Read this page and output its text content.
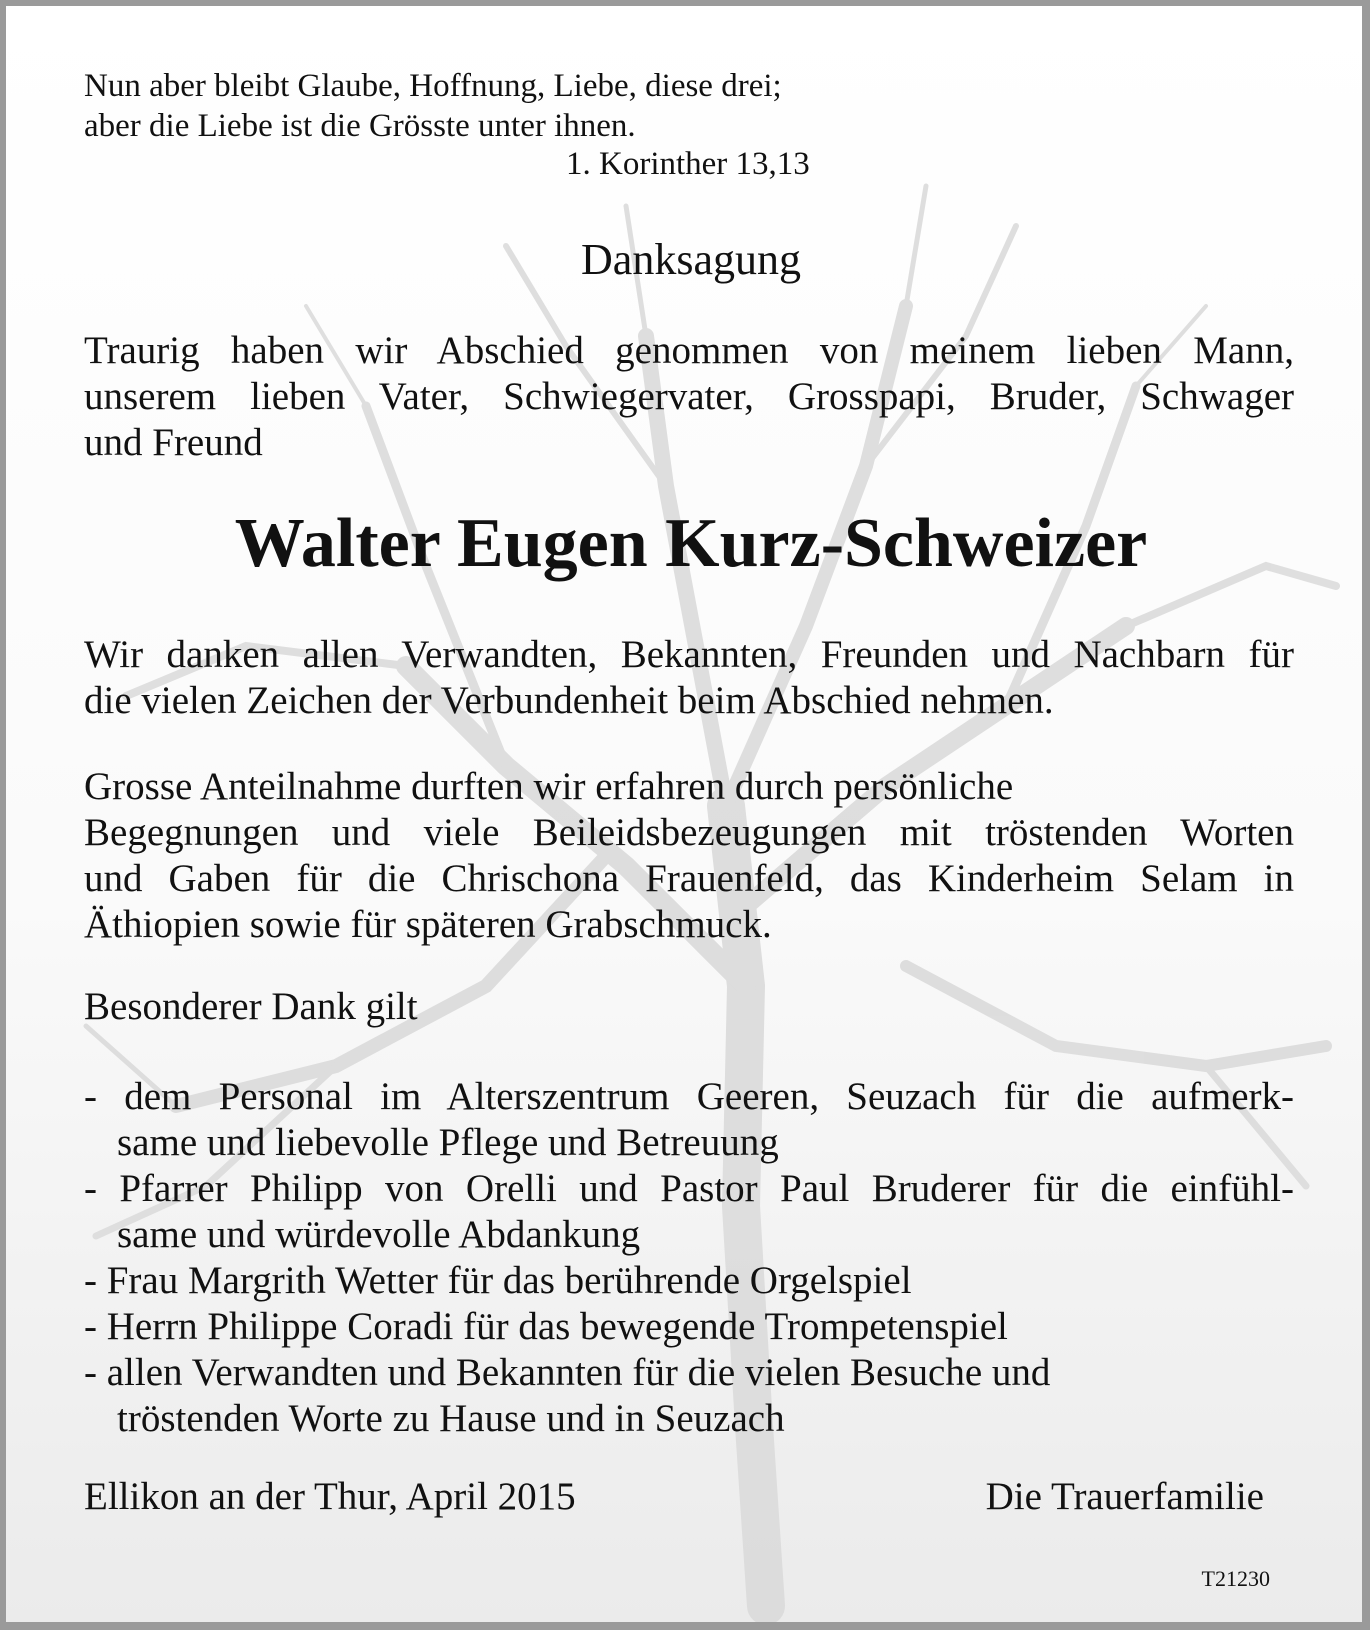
Nun aber bleibt Glaube, Hoffnung, Liebe, diese drei;
aber die Liebe ist die Grösste unter ihnen.
1. Korinther 13,13
Danksagung
Traurig haben wir Abschied genommen von meinem lieben Mann,
unserem lieben Vater, Schwiegervater, Grosspapi, Bruder, Schwager
und Freund
Walter Eugen Kurz-Schweizer
Wir danken allen Verwandten, Bekannten, Freunden und Nachbarn für
die vielen Zeichen der Verbundenheit beim Abschied nehmen.
Grosse Anteilnahme durften wir erfahren durch persönliche
Begegnungen und viele Beileidsbezeugungen mit tröstenden Worten
und Gaben für die Chrischona Frauenfeld, das Kinderheim Selam in
Äthiopien sowie für späteren Grabschmuck.
Besonderer Dank gilt
- dem Personal im Alterszentrum Geeren, Seuzach für die aufmerk-
same und liebevolle Pflege und Betreuung
- Pfarrer Philipp von Orelli und Pastor Paul Bruderer für die einfühl-
same und würdevolle Abdankung
- Frau Margrith Wetter für das berührende Orgelspiel
- Herrn Philippe Coradi für das bewegende Trompetenspiel
- allen Verwandten und Bekannten für die vielen Besuche und
tröstenden Worte zu Hause und in Seuzach
Ellikon an der Thur, April 2015	Die Trauerfamilie
T21230
